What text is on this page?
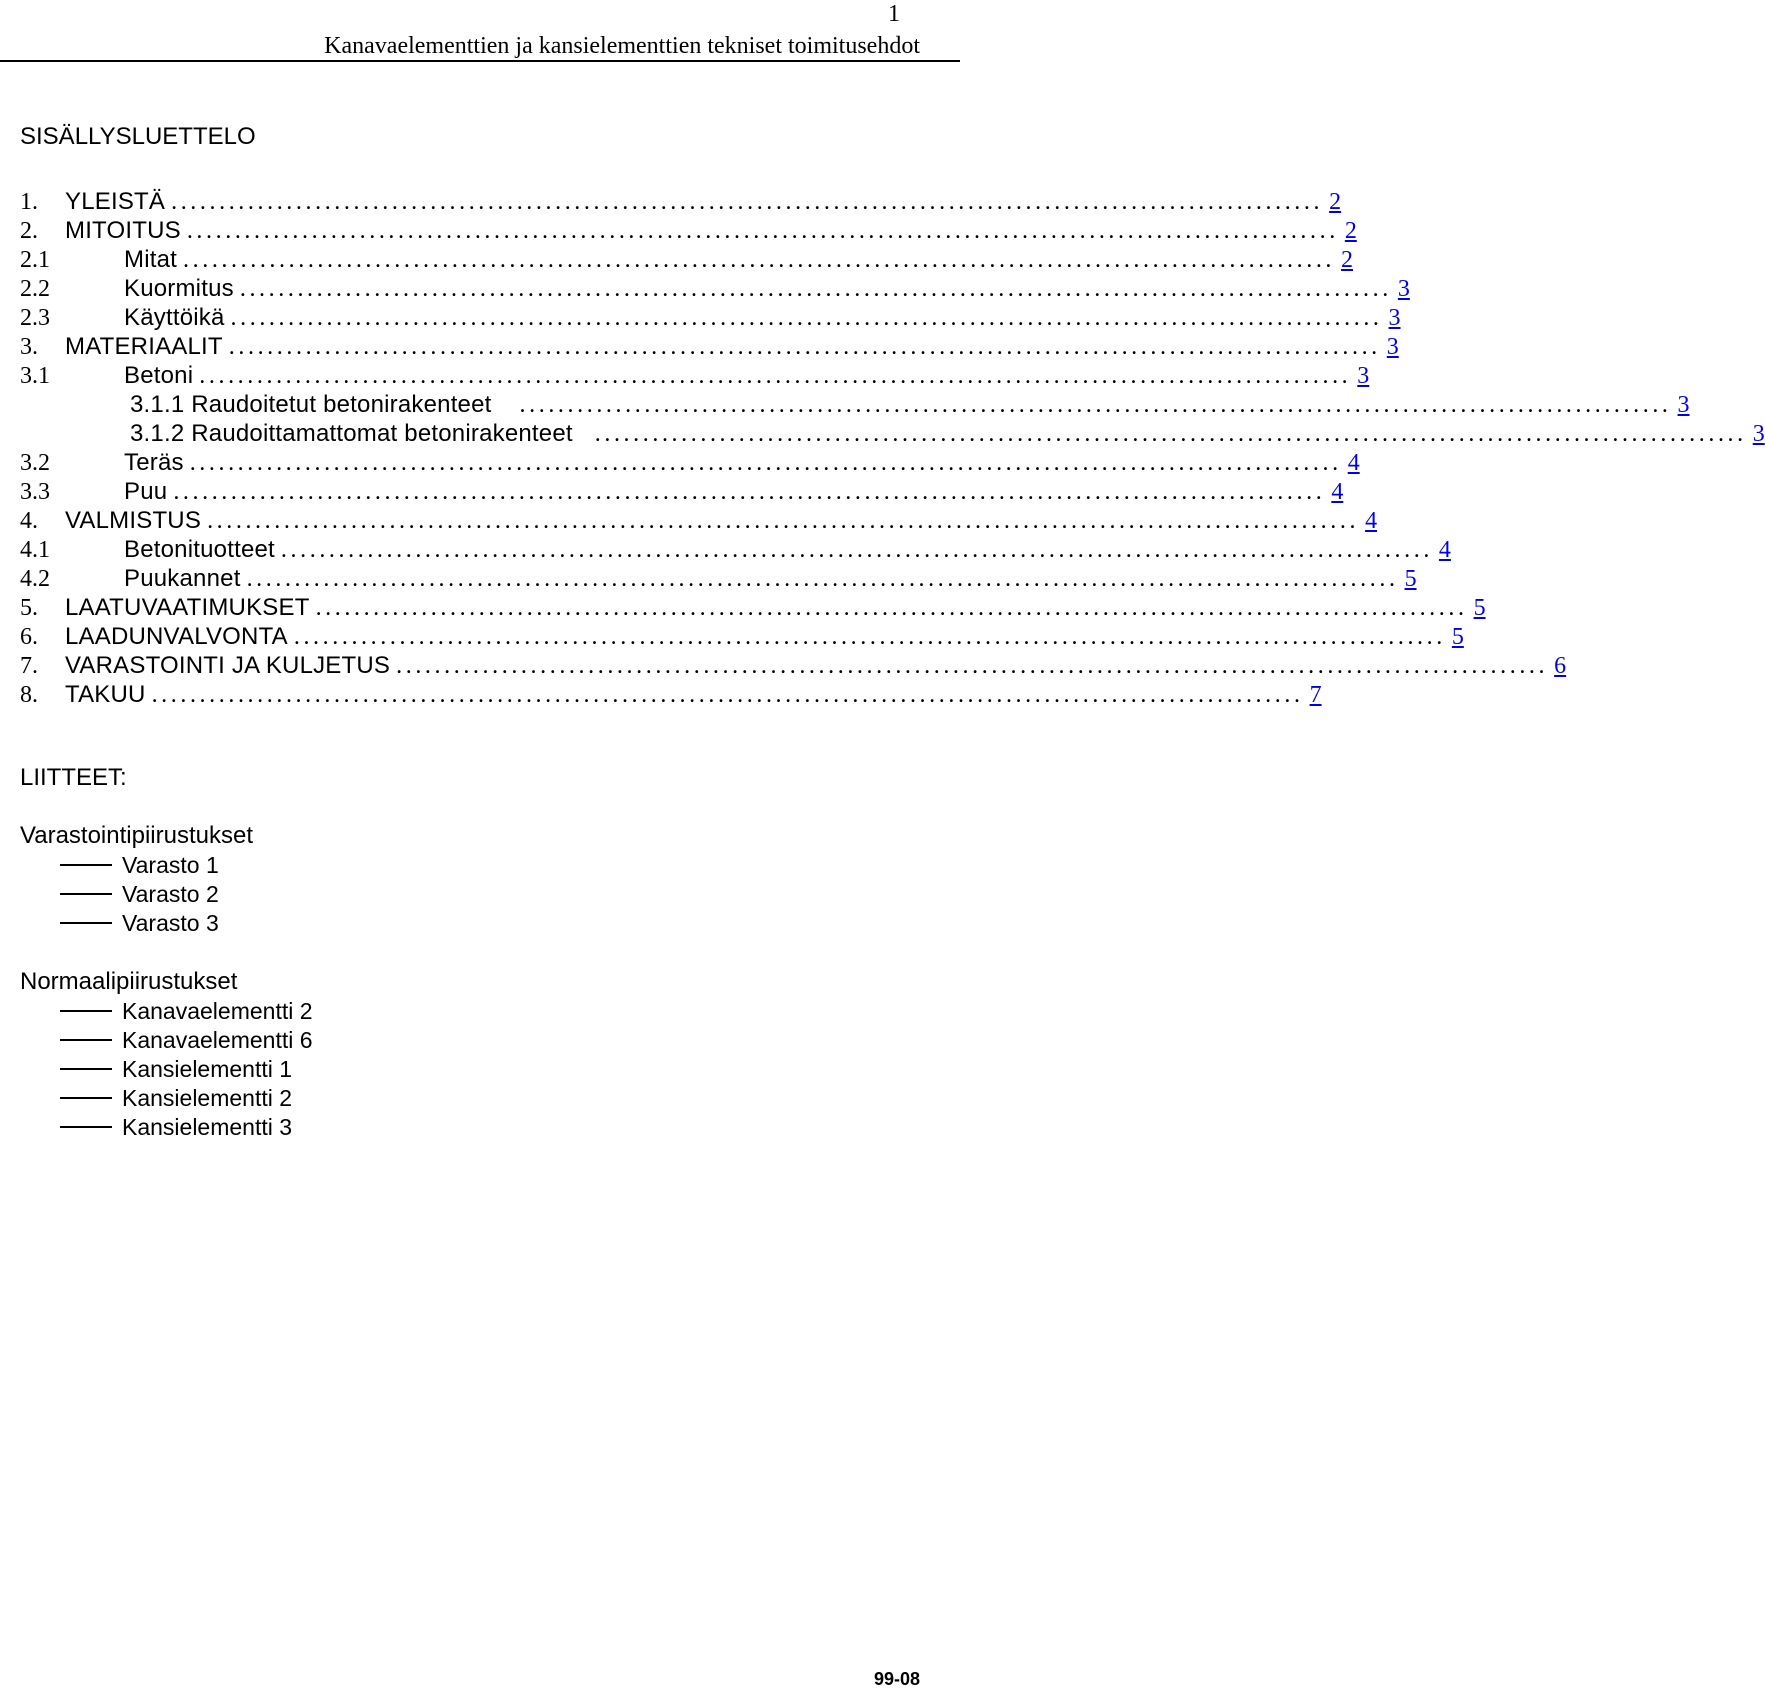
1
Kanavaelementtien ja kansielementtien tekniset toimitusehdot
SISÄLLYSLUETTELO
1.	YLEISTÄ ........................................................................................................................ 2
2.	MITOITUS ........................................................................................................................ 2
2.1	Mitat ........................................................................................................................ 2
2.2	Kuormitus ........................................................................................................................ 3
2.3	Käyttöikä ........................................................................................................................ 3
3.	MATERIAALIT ........................................................................................................................ 3
3.1	Betoni ........................................................................................................................ 3
3.1.1 Raudoitetut betonirakenteet	........................................................................................................................ 3
3.1.2 Raudoittamattomat betonirakenteet ........................................................................................................................ 3
3.2	Teräs ........................................................................................................................ 4
3.3	Puu ........................................................................................................................ 4
4.	VALMISTUS ........................................................................................................................ 4
4.1	Betonituotteet ........................................................................................................................ 4
4.2	Puukannet ........................................................................................................................ 5
5.	LAATUVAATIMUKSET ........................................................................................................................ 5
6.	LAADUNVALVONTA ........................................................................................................................ 5
7.	VARASTOINTI JA KULJETUS ........................................................................................................................ 6
8.	TAKUU ........................................................................................................................ 7
LIITTEET:
Varastointipiirustukset
Varasto 1
Varasto 2
Varasto 3
Normaalipiirustukset
Kanavaelementti 2
Kanavaelementti 6
Kansielementti 1
Kansielementti 2
Kansielementti 3
99-08
